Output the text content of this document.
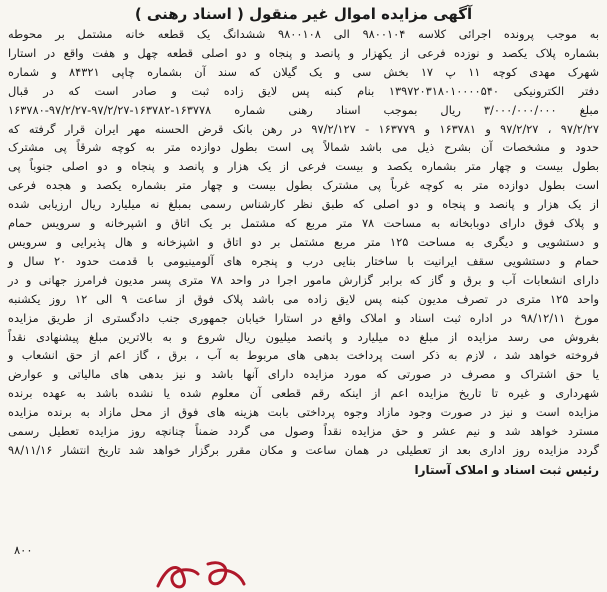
آگهی مزایده اموال غیر منقول ( اسناد رهنی )
به موجب پرونده اجرائی کلاسه ۹۸۰۰۱۰۴ الی ۹۸۰۰۱۰۸ ششدانگ یک قطعه خانه مشتمل بر محوطه
بشماره پلاک یکصد و نوزده فرعی از یکهزار و پانصد و پنجاه و دو اصلی قطعه چهل و هفت واقع در استارا
شهرک مهدی کوچه ۱۱ پ ۱۷ بخش سی و یک گیلان که سند آن بشماره چاپی ۸۴۳۲۱ و شماره
دفتر الکترونیکی ۱۳۹۷۲۰۳۱۸۰۱۰۰۰۰۵۴۰ بنام کبنه پس لایق زاده ثبت و صادر است که در قبال
مبلغ ۳/۰۰۰/۰۰۰/۰۰۰ ریال بموجب اسناد رهنی شماره ۱۶۳۷۷۸-۱۶۳۷۸۲-۹۷/۲/۲۷-۹۷/۲/۲۷-۱۶۳۷۸۰
۹۷/۲/۲۷ ، ۹۷/۲/۲۷ و ۱۶۳۷۸۱ و ۱۶۳۷۷۹ - ۹۷/۲/۱۲۷ در رهن بانک قرض الحسنه مهر ایران قرار گرفته که
حدود و مشخصات آن بشرح ذیل می باشد شمالاً پی است بطول دوازده متر به کوچه شرقاً پی مشترک
بطول بیست و چهار متر بشماره یکصد و بیست فرعی از یک هزار و پانصد و پنجاه و دو اصلی جنوباً پی
است بطول دوازده متر به کوچه غرباً پی مشترک بطول بیست و چهار متر بشماره یکصد و هجده فرعی
از یک هزار و پانصد و پنجاه و دو اصلی که طبق نظر کارشناس رسمی بمبلغ نه میلیارد ریال ارزیابی شده
و پلاک فوق دارای دوبابخانه به مساحت ۷۸ متر مربع که مشتمل بر یک اتاق و اشپرخانه و سرویس حمام
و دستشویی و دیگری به مساحت ۱۲۵ متر مربع مشتمل بر دو اتاق و اشپزخانه و هال پذیرایی و سرویس
حمام و دستشویی سقف ایرانیت با ساختار بنایی درب و پنجره های آلومینیومی با قدمت حدود ۲۰ سال و
دارای انشعابات آب و برق و گاز که برابر گزارش مامور اجرا در واحد ۷۸ متری پسر مدیون فرامرز جهانی و در
واحد ۱۲۵ متری در تصرف مدیون کبنه پس لایق زاده می باشد پلاک فوق از ساعت ۹ الی ۱۲ روز یکشنبه
مورخ ۹۸/۱۲/۱۱ در اداره ثبت اسناد و املاک واقع در استارا خیابان جمهوری جنب دادگستری از طریق مزایده
بفروش می رسد مزایده از مبلغ ده میلیارد و پانصد میلیون ریال شروع و به بالاترین مبلغ پیشنهادی نقداً
فروخته خواهد شد ، لازم به ذکر است پرداخت بدهی های مربوط به آب ، برق ، گاز اعم از حق انشعاب و
یا حق اشتراک و مصرف در صورتی که مورد مزایده دارای آنها باشد و نیز بدهی های مالیاتی و عوارض
شهرداری و غیره تا تاریخ مزایده اعم از اینکه رقم قطعی آن معلوم شده یا نشده باشد به عهده برنده
مزایده است و نیز در صورت وجود مازاد وجوه پرداختی بابت هزینه های فوق از محل مازاد به برنده مزایده
مسترد خواهد شد و نیم عشر و حق مزایده نقداً وصول می گردد ضمناً چنانچه روز مزایده تعطیل رسمی
گردد مزایده روز اداری بعد از تعطیلی در همان ساعت و مکان مقرر برگزار خواهد شد تاریخ انتشار ۹۸/۱۱/۱۶
رئیس ثبت اسناد و املاک آستارا
۸۰۰
